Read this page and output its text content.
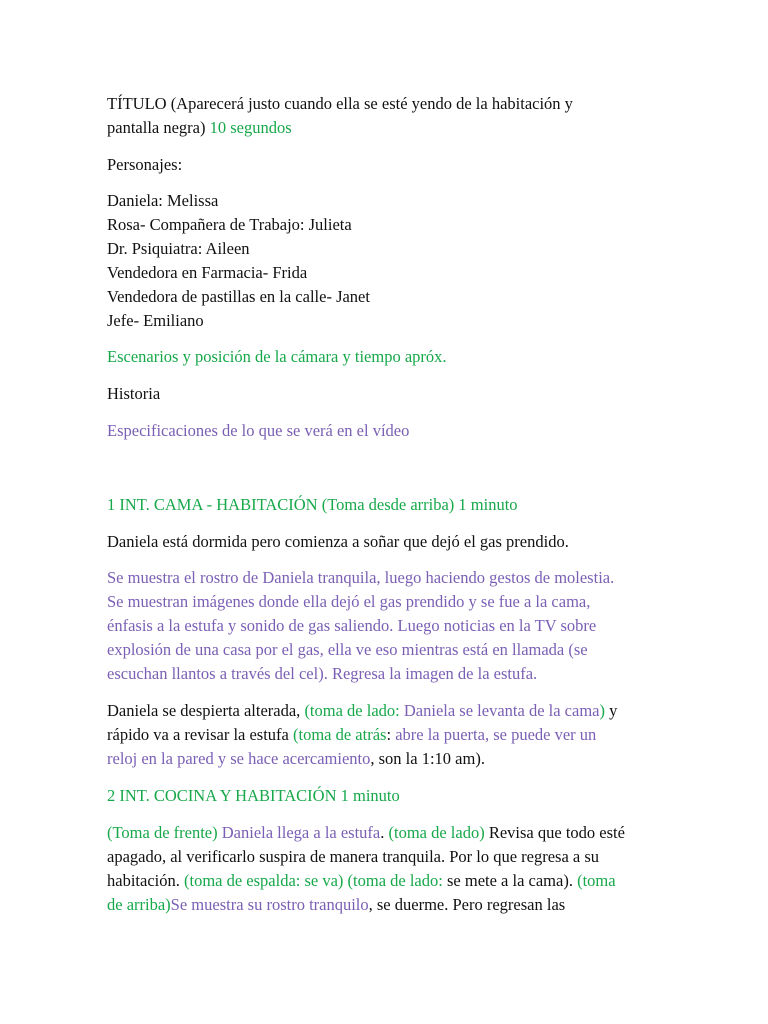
TÍTULO (Aparecerá justo cuando ella se esté yendo de la habitación y
pantalla negra) 10 segundos

Personajes:

Daniela: Melissa
Rosa- Compañera de Trabajo: Julieta
Dr. Psiquiatra: Aileen
Vendedora en Farmacia- Frida
Vendedora de pastillas en la calle- Janet
Jefe- Emiliano

Escenarios y posición de la cámara y tiempo apróx.

Historia

Especificaciones de lo que se verá en el vídeo

1 INT. CAMA - HABITACIÓN (Toma desde arriba) 1 minuto

Daniela está dormida pero comienza a soñar que dejó el gas prendido.

Se muestra el rostro de Daniela tranquila, luego haciendo gestos de molestia.
Se muestran imágenes donde ella dejó el gas prendido y se fue a la cama,
énfasis a la estufa y sonido de gas saliendo. Luego noticias en la TV sobre
explosión de una casa por el gas, ella ve eso mientras está en llamada (se
escuchan llantos a través del cel). Regresa la imagen de la estufa.

Daniela se despierta alterada, (toma de lado: Daniela se levanta de la cama) y
rápido va a revisar la estufa (toma de atrás: abre la puerta, se puede ver un
reloj en la pared y se hace acercamiento, son la 1:10 am).

2 INT. COCINA Y HABITACIÓN 1 minuto

(Toma de frente) Daniela llega a la estufa. (toma de lado) Revisa que todo esté
apagado, al verificarlo suspira de manera tranquila. Por lo que regresa a su
habitación. (toma de espalda: se va) (toma de lado: se mete a la cama). (toma
de arriba)Se muestra su rostro tranquilo, se duerme. Pero regresan las
